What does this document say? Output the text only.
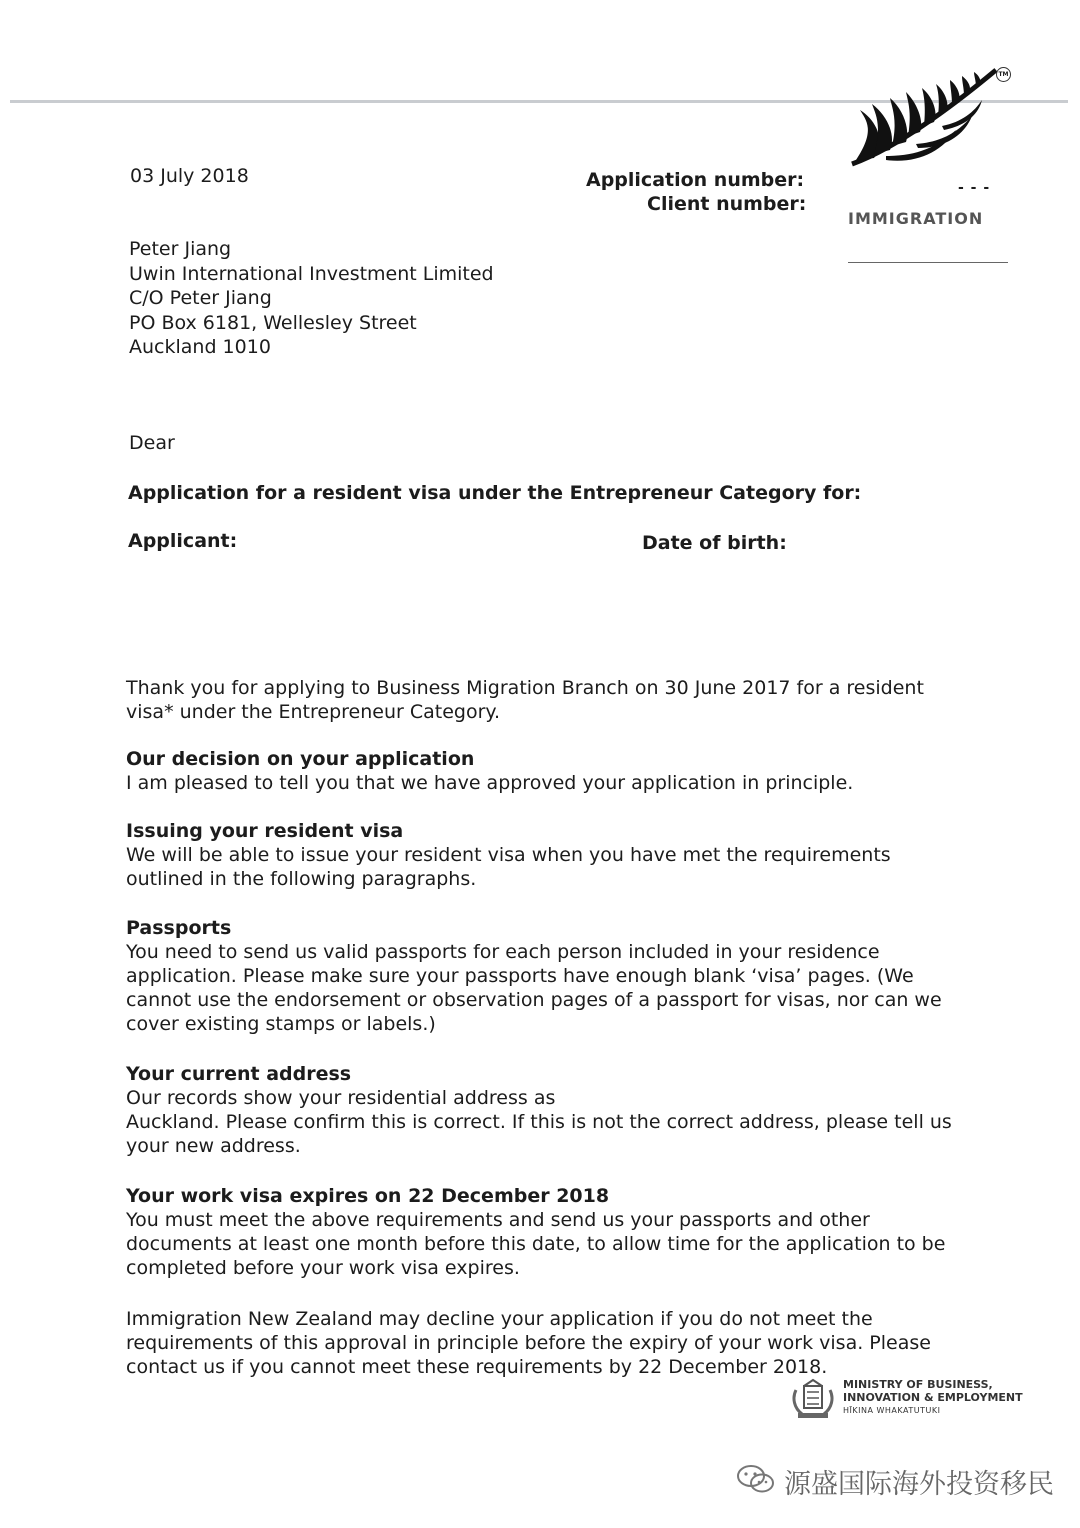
TM
- - -
IMMIGRATION
03 July 2018	Application number:
Client number:
Peter Jiang
Uwin International Investment Limited
C/O Peter Jiang
PO Box 6181, Wellesley Street
Auckland 1010
Dear
Application for a resident visa under the Entrepreneur Category for:
Applicant:	Date of birth:
Thank you for applying to Business Migration Branch on 30 June 2017 for a resident visa* under the Entrepreneur Category.
Our decision on your application
I am pleased to tell you that we have approved your application in principle.
Issuing your resident visa
We will be able to issue your resident visa when you have met the requirements outlined in the following paragraphs.
Passports
You need to send us valid passports for each person included in your residence application. Please make sure your passports have enough blank ‘visa’ pages. (We cannot use the endorsement or observation pages of a passport for visas, nor can we cover existing stamps or labels.)
Your current address
Our records show your residential address as
Auckland. Please confirm this is correct. If this is not the correct address, please tell us your new address.
Your work visa expires on 22 December 2018
You must meet the above requirements and send us your passports and other documents at least one month before this date, to allow time for the application to be completed before your work visa expires.
Immigration New Zealand may decline your application if you do not meet the requirements of this approval in principle before the expiry of your work visa. Please contact us if you cannot meet these requirements by 22 December 2018.
MINISTRY OF BUSINESS,
INNOVATION & EMPLOYMENT
HĪKINA WHAKATUTUKI
源盛国际海外投资移民
